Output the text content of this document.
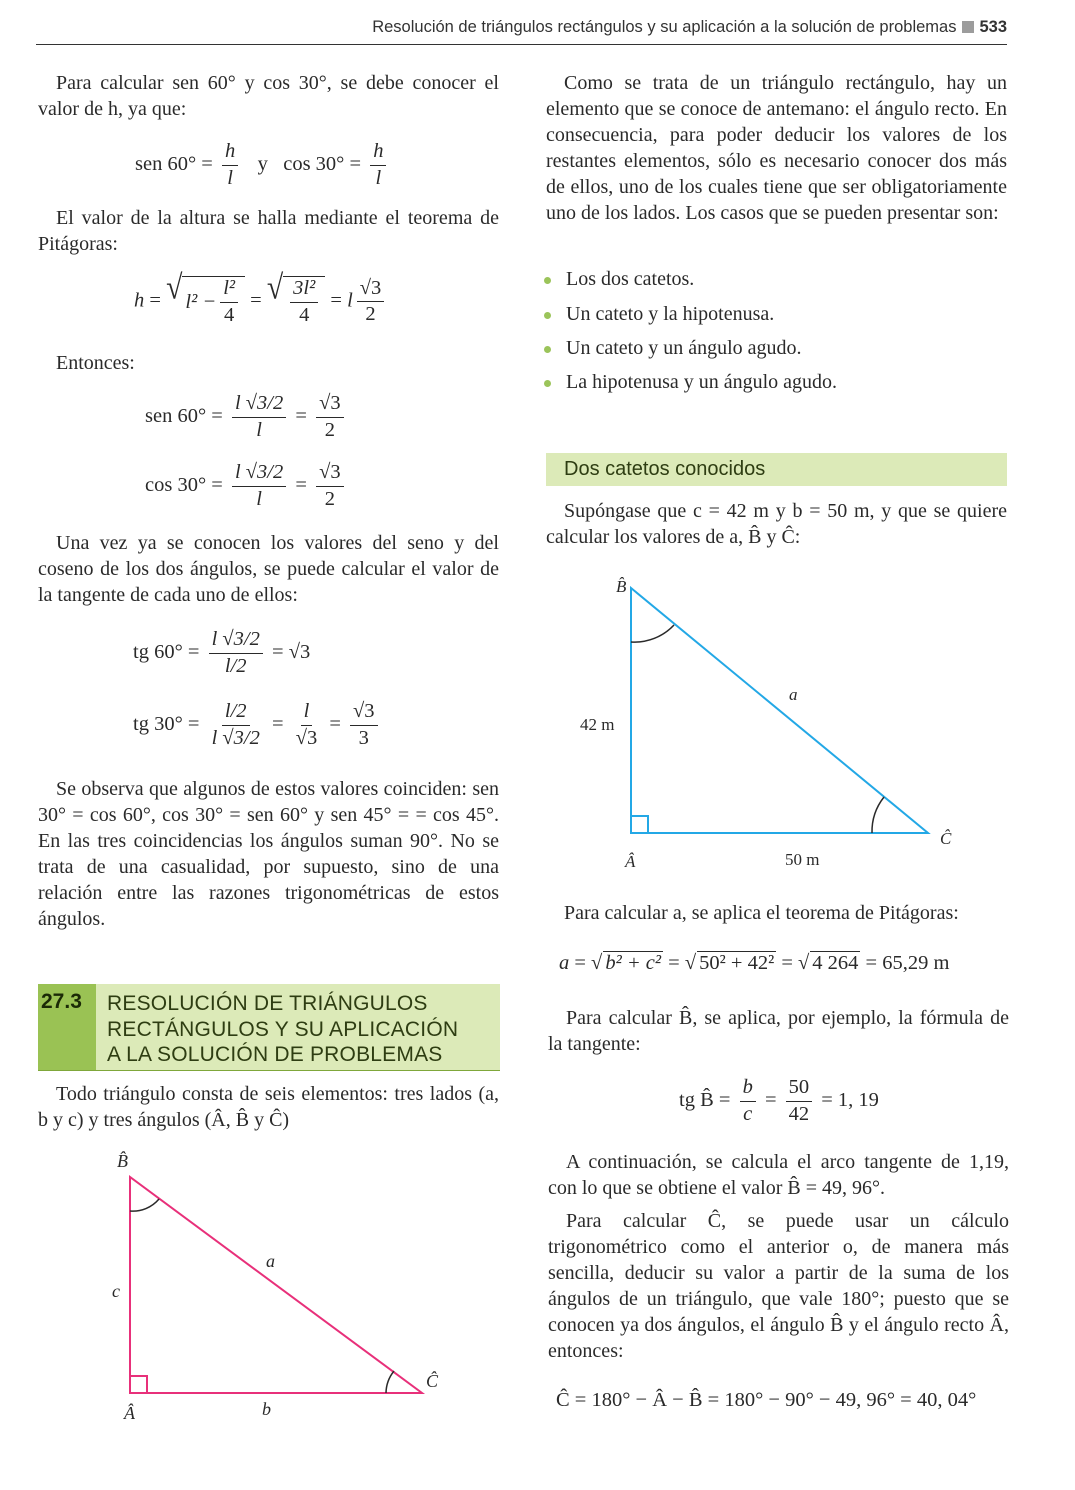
Resolución de triángulos rectángulos y su aplicación a la solución de problemas 533

Para calcular sen 60° y cos 30°, se debe conocer el valor de h, ya que:

sen $60^\circ = \frac{h}{l}$ y $\cos 30^\circ = \frac{h}{l}$

El valor de la altura se halla mediante el teorema de Pitágoras:

h = √ $l^2 - \frac{\text{l²}}{4}$ = √ $\frac{\text{3l²}}{4} = l \frac{√3}{2}$

Entonces:

sen $60^\circ = \frac{l √3/2}{l} = \frac{√3}{2}$
$\cos 30^\circ = \frac{l √3/2}{l} = \frac{√3}{2}$

Una vez ya se conocen los valores del seno y del coseno de los dos ángulos, se puede calcular el valor de la tangente de cada uno de ellos:

tg $60^\circ = \frac{l √3/2}{l/2} = √3$
tg $30^\circ = \frac{l/2}{l √3/2} = \frac{l}{√3} = \frac{√3}{3}$

Se observa que algunos de estos valores coinciden: sen 30° = cos 60°, cos 30° = sen 60° y sen 45° = = cos 45°. En las tres coincidencias los ángulos suman 90°. No se trata de una casualidad, por supuesto, sino de una relación entre las razones trigonométricas de estos ángulos.

27.3	RESOLUCIÓN DE TRIÁNGULOS
RECTÁNGULOS Y SU APLICACIÓN
A LA SOLUCIÓN DE PROBLEMAS

Todo triángulo consta de seis elementos: tres lados (a, b y c) y tres ángulos (Â, B̂ y Ĉ)

B̂
Â
Ĉ
a
b
c

Como se trata de un triángulo rectángulo, hay un elemento que se conoce de antemano: el ángulo recto. En consecuencia, para poder deducir los valores de los restantes elementos, sólo es necesario conocer dos más de ellos, uno de los cuales tiene que ser obligatoriamente uno de los lados. Los casos que se pueden presentar son:

Los dos catetos.
Un cateto y la hipotenusa.
Un cateto y un ángulo agudo.
La hipotenusa y un ángulo agudo.
Dos catetos conocidos

Supóngase que c = 42 m y b = 50 m, y que se quiere calcular los valores de a, B̂ y Ĉ:

B̂
Â
Ĉ
a
42 m
50 m

Para calcular a, se aplica el teorema de Pitágoras:

a = √ b² + c² = √ 50² + 42² = √ 4 264 = 65,29 m

Para calcular B̂, se aplica, por ejemplo, la fórmula de la tangente:

tg B̂ = $\frac{b}{c} = \frac{50}{42} = 1$, 19

A continuación, se calcula el arco tangente de 1,19, con lo que se obtiene el valor B̂ = 49, 96°.

Para calcular Ĉ, se puede usar un cálculo trigonométrico como el anterior o, de manera más sencilla, deducir su valor a partir de la suma de los ángulos de un triángulo, que vale 180°; puesto que se conocen ya dos ángulos, el ángulo B̂ y el ángulo recto Â, entonces:

Ĉ = 180° − Â − B̂ = 180° − 90° − 49, 96° = 40, 04°
